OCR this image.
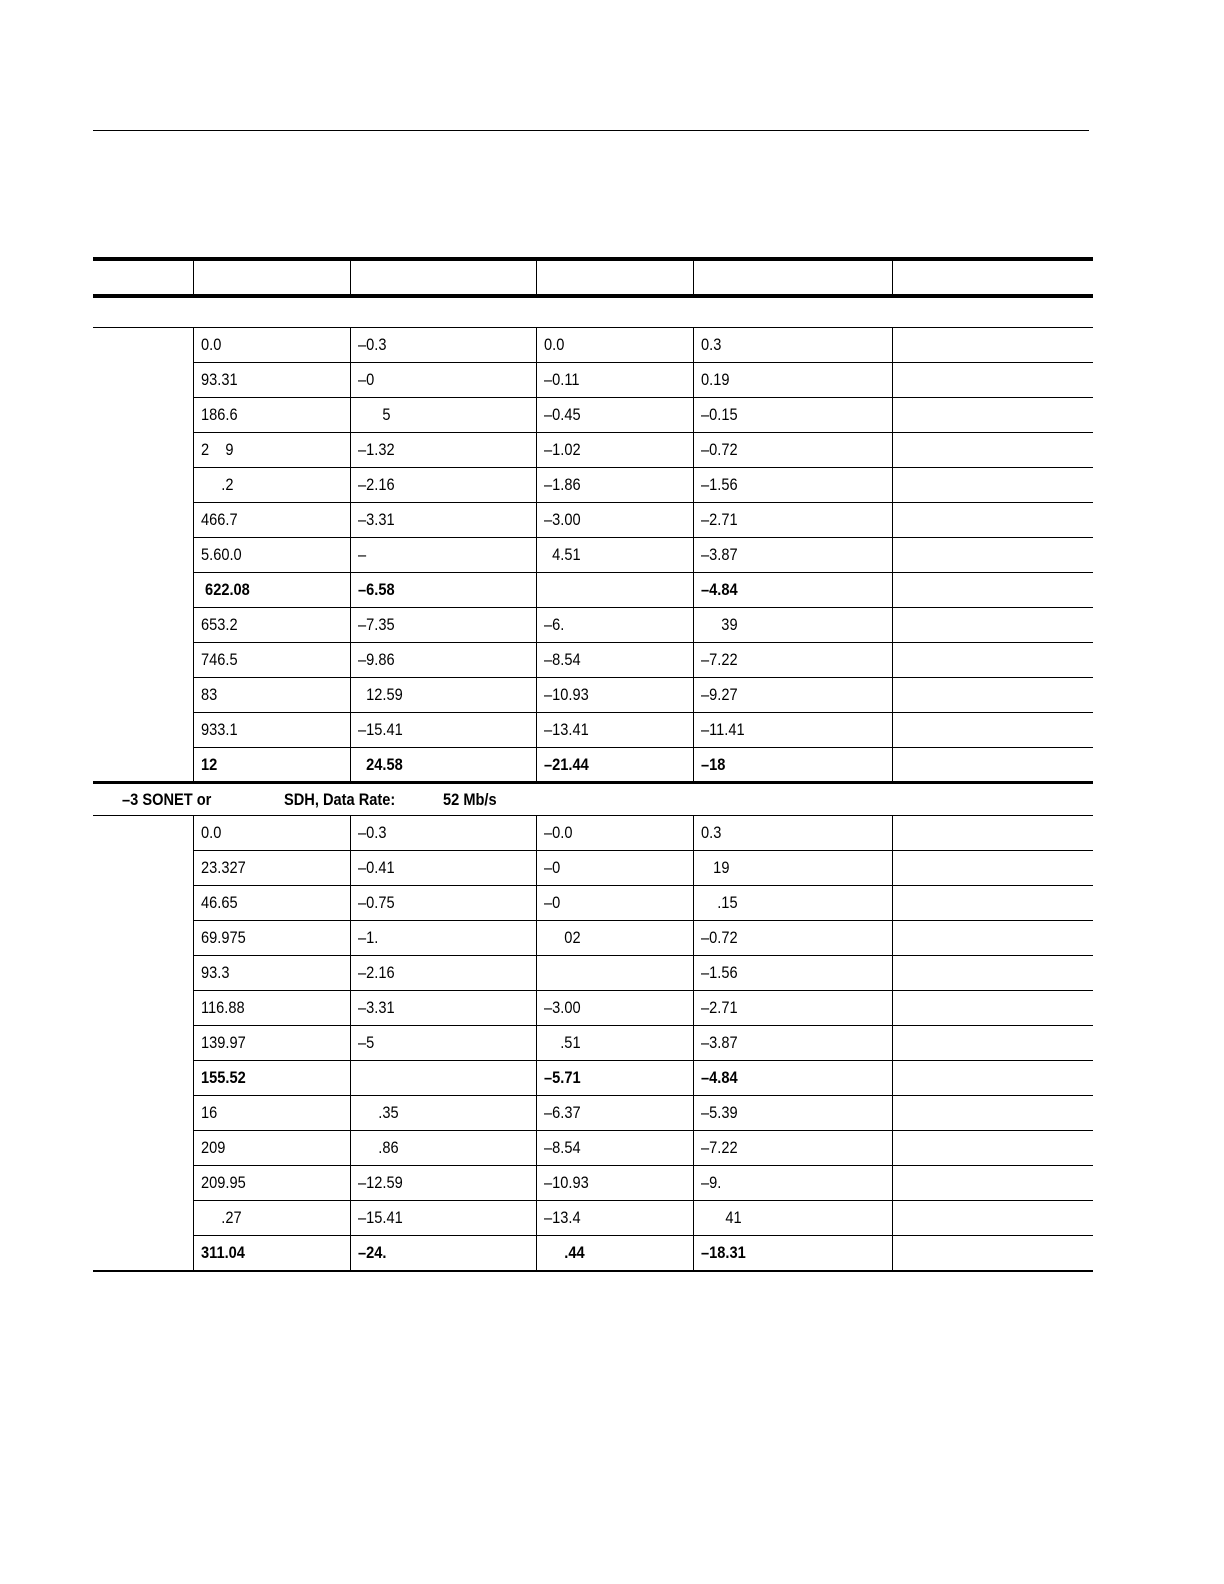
	0.0	–0.3	0.0	0.3	
	93.31	–0	–0.11	0.19	
	186.6	5	–0.45	–0.15	
	2    9	–1.32	–1.02	–0.72	
	.2	–2.16	–1.86	–1.56	
	466.7	–3.31	–3.00	–2.71	
	5.60.0	–	4.51	–3.87	
	622.08	–6.58		–4.84	
	653.2	–7.35	–6.	39	
	746.5	–9.86	–8.54	–7.22	
	83	12.59	–10.93	–9.27	
	933.1	–15.41	–13.41	–11.41	
	12	24.58	–21.44	–18	

–3 SONET or SDH, Data Rate: 52 Mb/s					

	0.0	–0.3	–0.0	0.3	
	23.327	–0.41	–0	19	
	46.65	–0.75	–0	.15	
	69.975	–1.	02	–0.72	
	93.3	–2.16		–1.56	
	116.88	–3.31	–3.00	–2.71	
	139.97	–5	.51	–3.87	
	155.52		–5.71	–4.84	
	16	.35	–6.37	–5.39	
	209	.86	–8.54	–7.22	
	209.95	–12.59	–10.93	–9.	
	.27	–15.41	–13.4	41	
	311.04	–24.	.44	–18.31	
